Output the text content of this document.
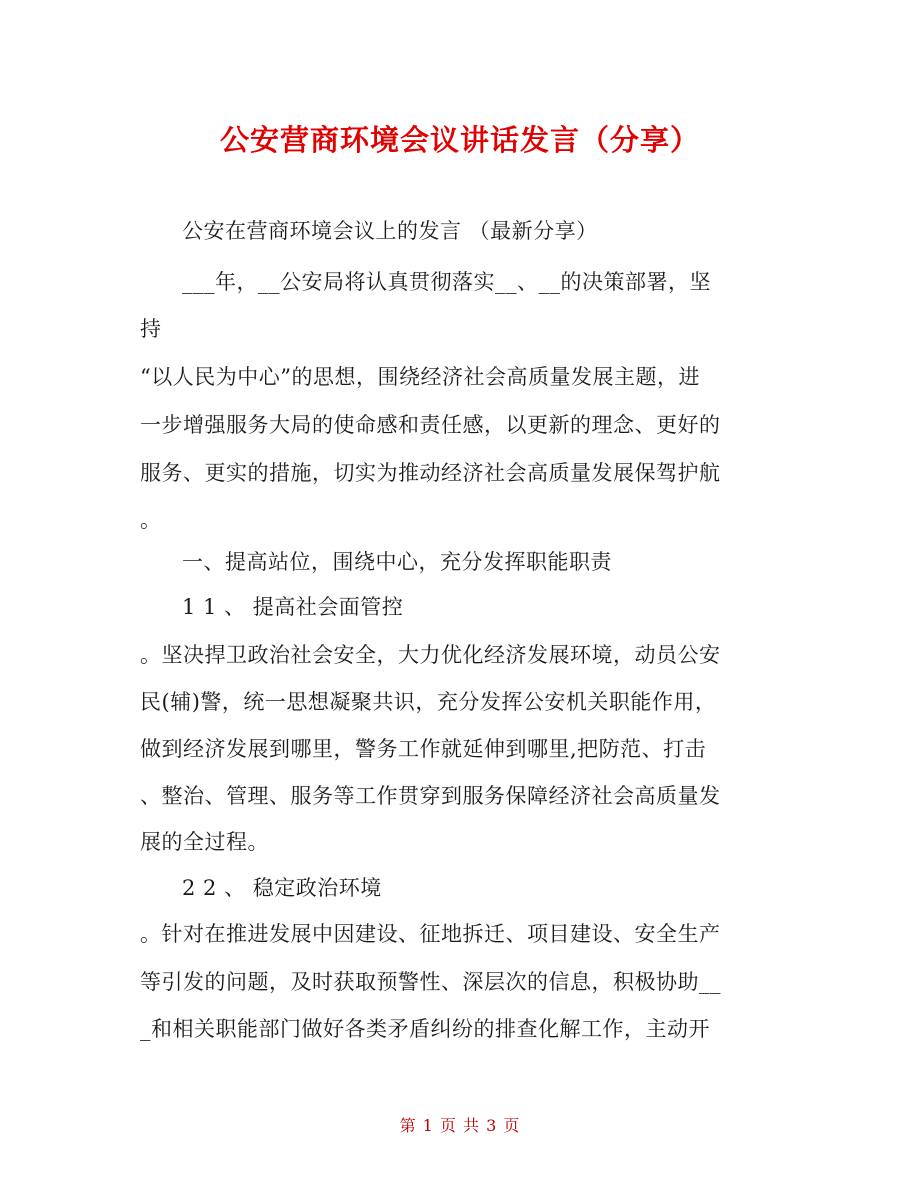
公安营商环境会议讲话发言（分享）
公安在营商环境会议上的发言 （最新分享）
___年，__公安局将认真贯彻落实__、__的决策部署，坚
持
“以人民为中心”的思想，围绕经济社会高质量发展主题，进
一步增强服务大局的使命感和责任感，以更新的理念、更好的
服务、更实的措施，切实为推动经济社会高质量发展保驾护航
。
一、提高站位，围绕中心，充分发挥职能职责
1 1 、 提高社会面管控
。坚决捍卫政治社会安全，大力优化经济发展环境，动员公安
民(辅)警，统一思想凝聚共识，充分发挥公安机关职能作用，
做到经济发展到哪里，警务工作就延伸到哪里,把防范、打击
、整治、管理、服务等工作贯穿到服务保障经济社会高质量发
展的全过程。
2 2 、 稳定政治环境
。针对在推进发展中因建设、征地拆迁、项目建设、安全生产
等引发的问题，及时获取预警性、深层次的信息，积极协助__
_和相关职能部门做好各类矛盾纠纷的排查化解工作，主动开
第 1 页 共 3 页
